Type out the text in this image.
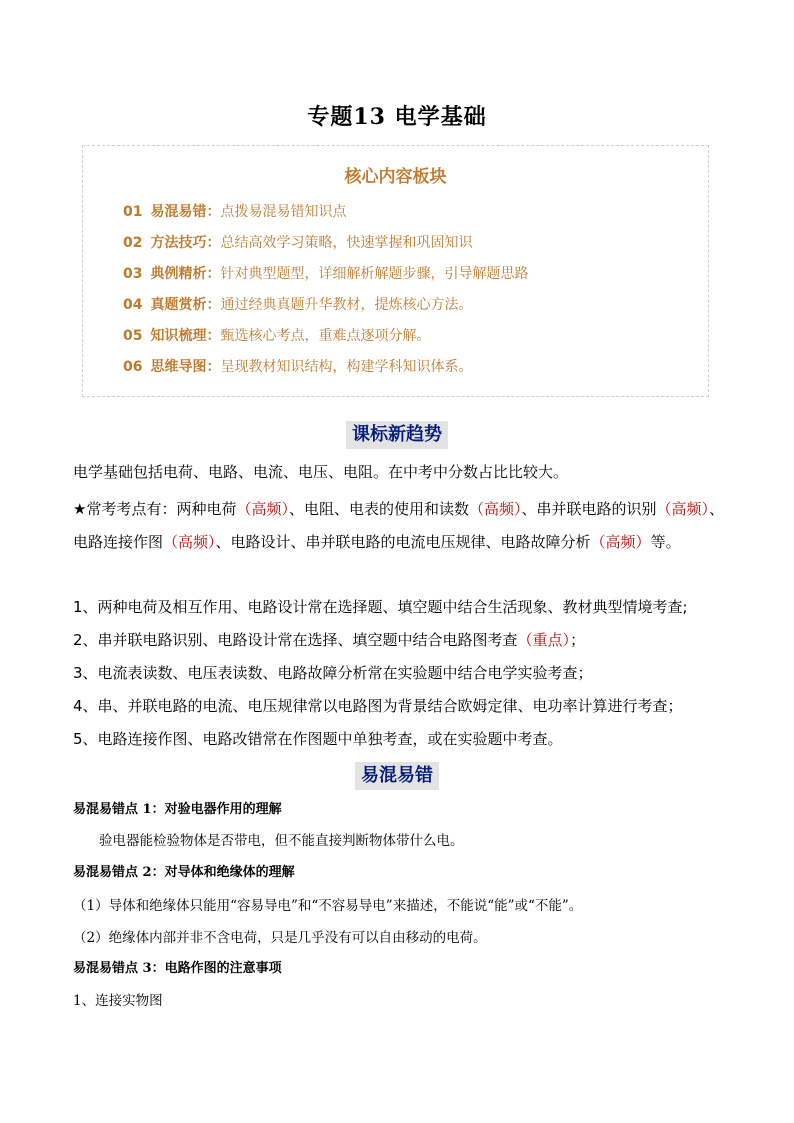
专题13 电学基础
核心内容板块
01 易混易错：点拨易混易错知识点
02 方法技巧：总结高效学习策略，快速掌握和巩固知识
03 典例精析：针对典型题型，详细解析解题步骤，引导解题思路
04 真题赏析：通过经典真题升华教材，提炼核心方法。
05 知识梳理：甄选核心考点，重难点逐项分解。
06 思维导图：呈现教材知识结构，构建学科知识体系。
课标新趋势
电学基础包括电荷、电路、电流、电压、电阻。在中考中分数占比比较大。
★常考考点有：两种电荷（高频）、电阻、电表的使用和读数（高频）、串并联电路的识别（高频）、电路连接作图（高频）、电路设计、串并联电路的电流电压规律、电路故障分析（高频）等。
1、两种电荷及相互作用、电路设计常在选择题、填空题中结合生活现象、教材典型情境考查;
2、串并联电路识别、电路设计常在选择、填空题中结合电路图考查（重点）；
3、电流表读数、电压表读数、电路故障分析常在实验题中结合电学实验考查；
4、串、并联电路的电流、电压规律常以电路图为背景结合欧姆定律、电功率计算进行考查；
5、电路连接作图、电路改错常在作图题中单独考查，或在实验题中考查。
易混易错
易混易错点 1：对验电器作用的理解
验电器能检验物体是否带电，但不能直接判断物体带什么电。
易混易错点 2：对导体和绝缘体的理解
（1）导体和绝缘体只能用“容易导电”和“不容易导电”来描述，不能说“能”或“不能”。
（2）绝缘体内部并非不含电荷，只是几乎没有可以自由移动的电荷。
易混易错点 3：电路作图的注意事项
1、连接实物图
